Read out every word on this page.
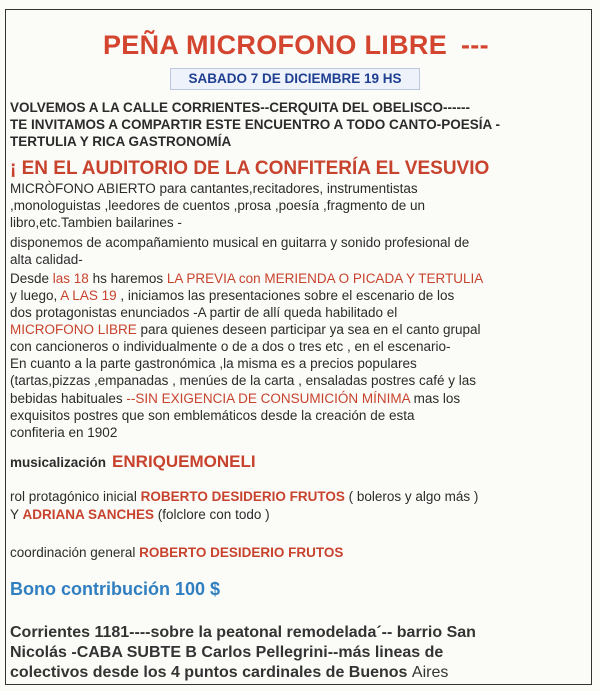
PEÑA MICROFONO LIBRE ---
SABADO 7 DE DICIEMBRE 19 HS
VOLVEMOS A LA CALLE CORRIENTES--CERQUITA DEL OBELISCO------
TE INVITAMOS A COMPARTIR ESTE ENCUENTRO A TODO CANTO-POESÍA -
TERTULIA Y RICA GASTRONOMÍA
¡ EN EL AUDITORIO DE LA CONFITERÍA EL VESUVIO
MICRÒFONO ABIERTO para cantantes,recitadores, instrumentistas
,monologuistas ,leedores de cuentos ,prosa ,poesía ,fragmento de un
libro,etc.Tambien bailarines -
disponemos de acompañamiento musical en guitarra y sonido profesional de
alta calidad-
Desde las 18 hs haremos LA PREVIA con MERIENDA O PICADA Y TERTULIA
y luego, A LAS 19 , iniciamos las presentaciones sobre el escenario de los
dos protagonistas enunciados -A partir de allí queda habilitado el
MICROFONO LIBRE para quienes deseen participar ya sea en el canto grupal
con cancioneros o individualmente o de a dos o tres etc , en el escenario-
En cuanto a la parte gastronómica ,la misma es a precios populares
(tartas,pizzas ,empanadas , menúes de la carta , ensaladas postres café y las
bebidas habituales --SIN EXIGENCIA DE CONSUMICIÓN MÍNIMA mas los
exquisitos postres que son emblemáticos desde la creación de esta
confiteria en 1902
musicalización ENRIQUEMONELI
rol protagónico inicial ROBERTO DESIDERIO FRUTOS ( boleros y algo más )
Y ADRIANA SANCHES (folclore con todo )
coordinación general ROBERTO DESIDERIO FRUTOS
Bono contribución 100 $
Corrientes 1181----sobre la peatonal remodelada´-- barrio San
Nicolás -CABA SUBTE B Carlos Pellegrini--más lineas de
colectivos desde los 4 puntos cardinales de Buenos Aires
